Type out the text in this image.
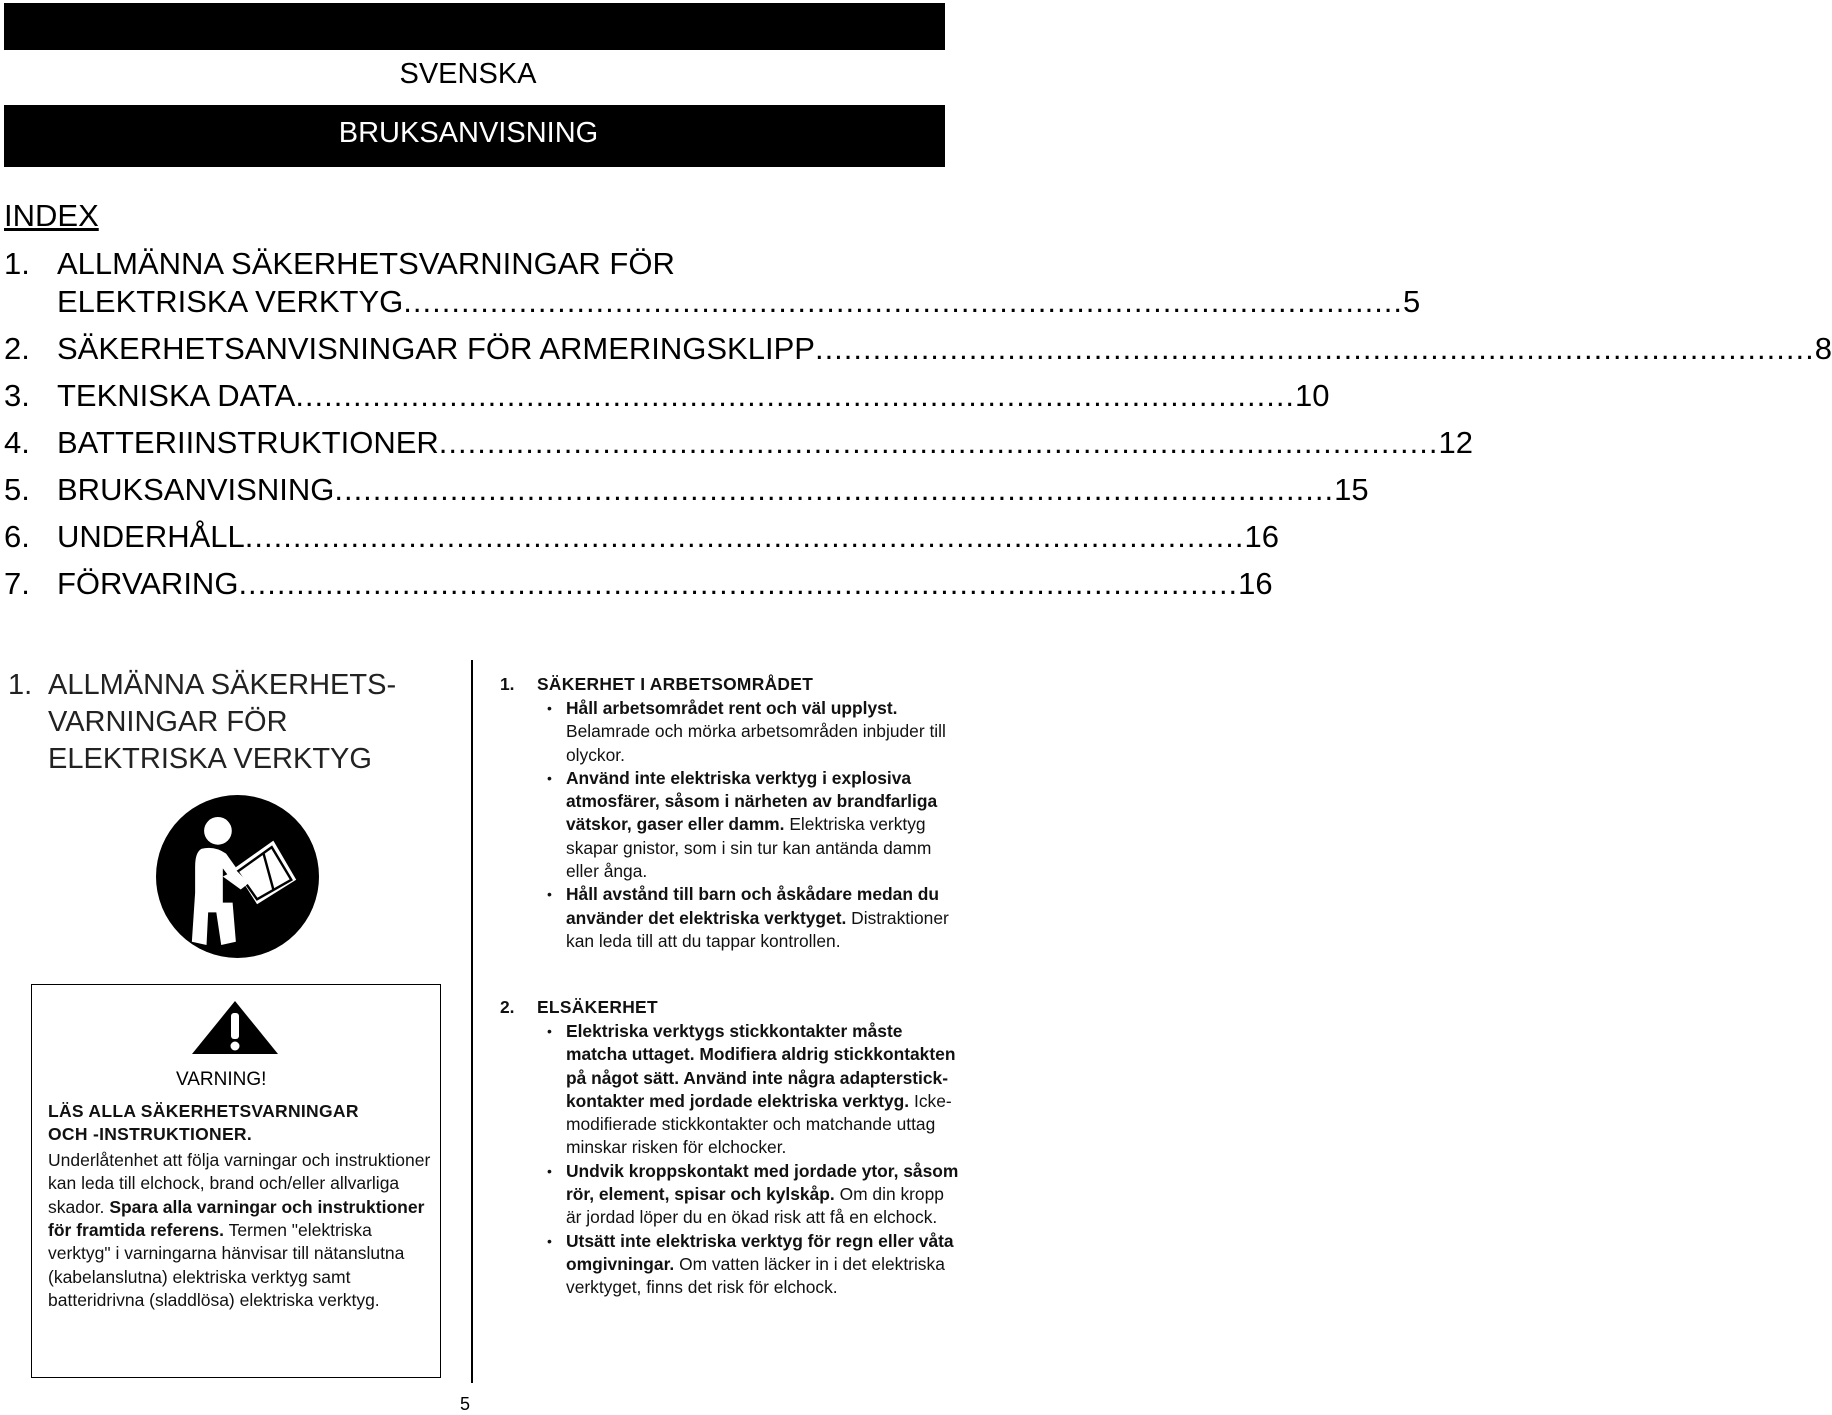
SVENSKA
BRUKSANVISNING
INDEX
1. ALLMÄNNA SÄKERHETSVARNINGAR FÖR
ELEKTRISKA VERKTYG ........................................................................................................ 5
2. SÄKERHETSANVISNINGAR FÖR ARMERINGSKLIPP ........................................................................................................ 8
3. TEKNISKA DATA ........................................................................................................ 10
4. BATTERIINSTRUKTIONER ........................................................................................................ 12
5. BRUKSANVISNING ........................................................................................................ 15
6. UNDERHÅLL ........................................................................................................ 16
7. FÖRVARING ........................................................................................................ 16
1. ALLMÄNNA SÄKERHETS-
VARNINGAR FÖR
ELEKTRISKA VERKTYG
VARNING!
LÄS ALLA SÄKERHETSVARNINGAR
OCH -INSTRUKTIONER.
Underlåtenhet att följa varningar och instruktioner kan leda till elchock, brand och/eller allvarliga skador. Spara alla varningar och instruktioner för framtida referens. Termen "elektriska verktyg" i varningarna hänvisar till nätanslutna (kabelanslutna) elektriska verktyg samt batteridrivna (sladdlösa) elektriska verktyg.
1. SÄKERHET I ARBETSOMRÅDET
• Håll arbetsområdet rent och väl upplyst. Belamrade och mörka arbetsområden inbjuder till olyckor.
• Använd inte elektriska verktyg i explosiva atmosfärer, såsom i närheten av brandfarliga vätskor, gaser eller damm. Elektriska verktyg skapar gnistor, som i sin tur kan antända damm eller ånga.
• Håll avstånd till barn och åskådare medan du använder det elektriska verktyget. Distraktioner kan leda till att du tappar kontrollen.
2. ELSÄKERHET
• Elektriska verktygs stickkontakter måste matcha uttaget. Modifiera aldrig stickkontakten på något sätt. Använd inte några adapterstick-kontakter med jordade elektriska verktyg. Icke-modifierade stickkontakter och matchande uttag minskar risken för elchocker.
• Undvik kroppskontakt med jordade ytor, såsom rör, element, spisar och kylskåp. Om din kropp är jordad löper du en ökad risk att få en elchock.
• Utsätt inte elektriska verktyg för regn eller våta omgivningar. Om vatten läcker in i det elektriska verktyget, finns det risk för elchock.
5
